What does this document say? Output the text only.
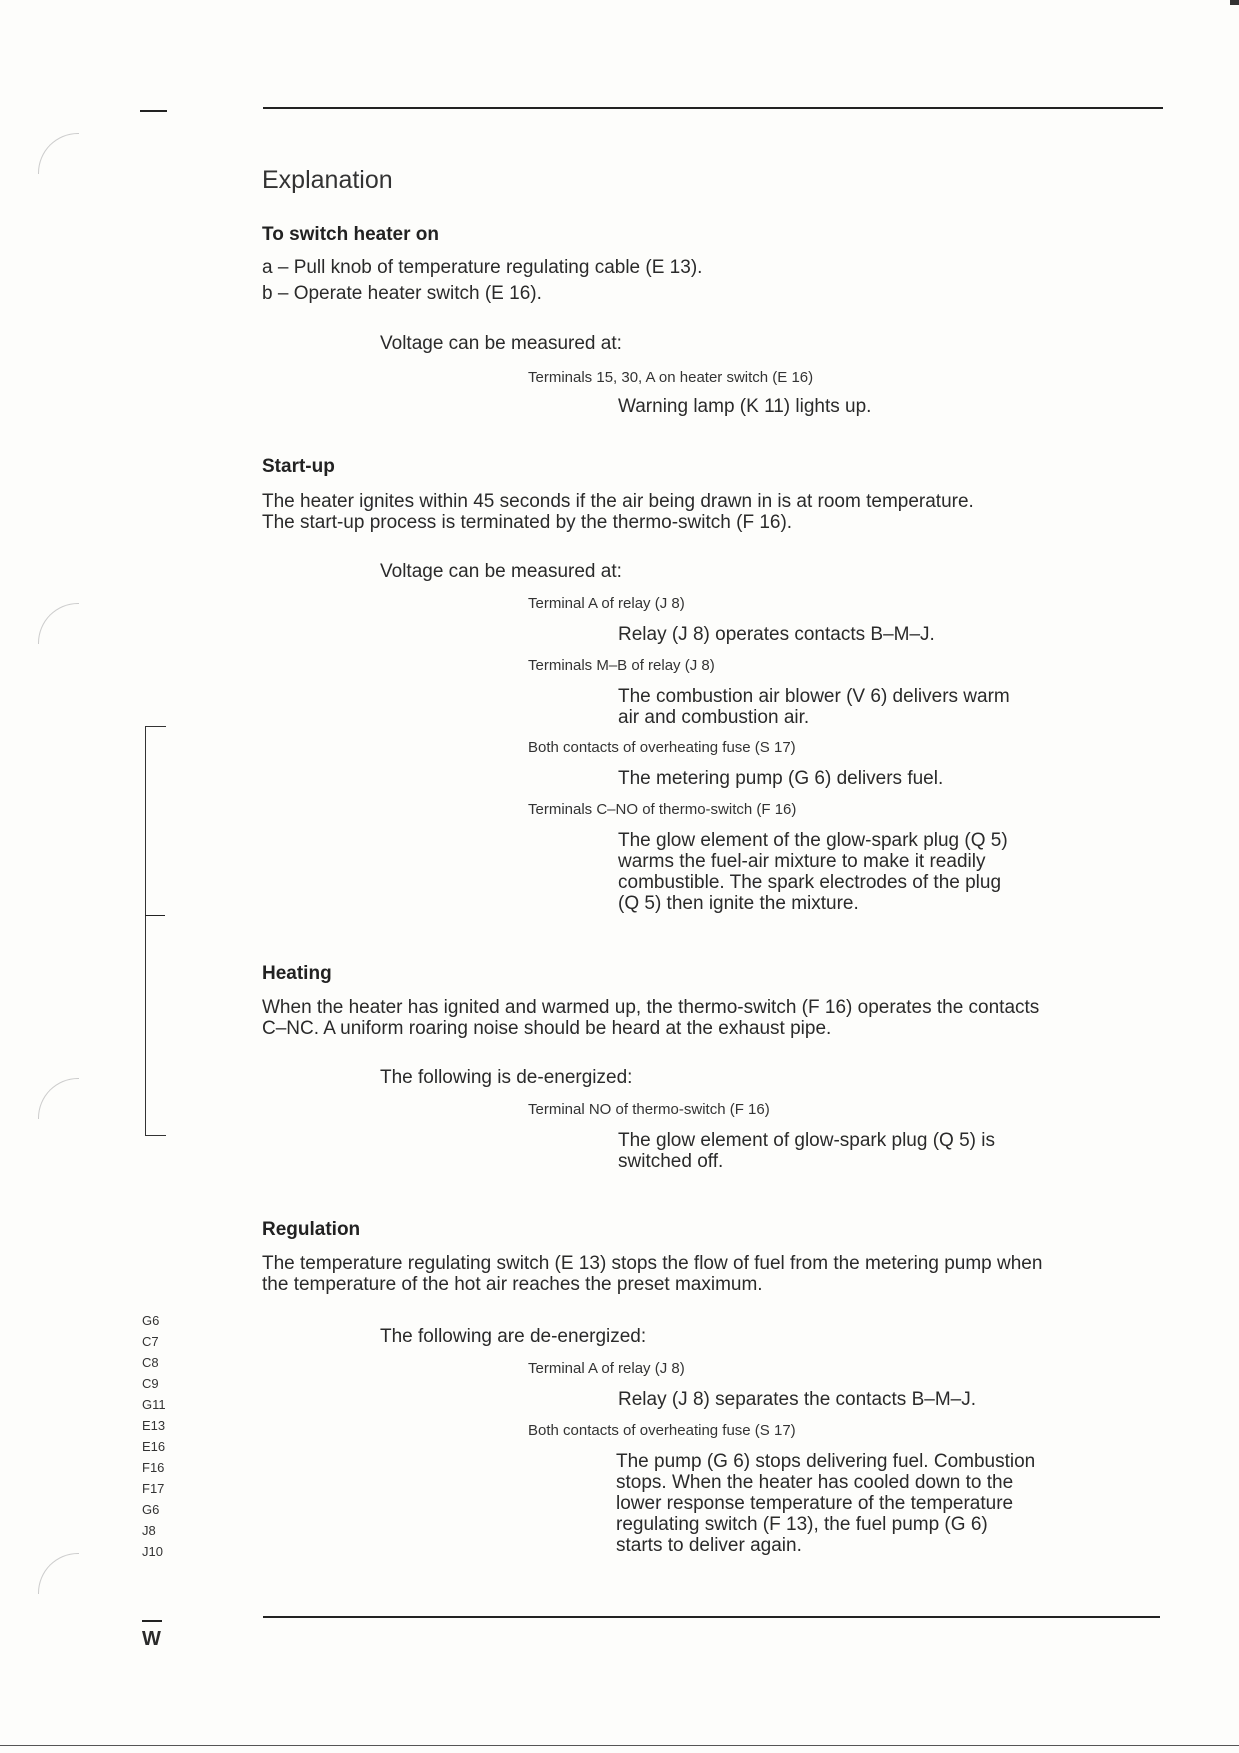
Explanation
To switch heater on
a – Pull knob of temperature regulating cable (E 13).
b – Operate heater switch (E 16).
Voltage can be measured at:
Terminals 15, 30, A on heater switch (E 16)
Warning lamp (K 11) lights up.
Start-up
The heater ignites within 45 seconds if the air being drawn in is at room temperature.
The start-up process is terminated by the thermo-switch (F 16).
Voltage can be measured at:
Terminal A of relay (J 8)
Relay (J 8) operates contacts B–M–J.
Terminals M–B of relay (J 8)
The combustion air blower (V 6) delivers warm
air and combustion air.
Both contacts of overheating fuse (S 17)
The metering pump (G 6) delivers fuel.
Terminals C–NO of thermo-switch (F 16)
The glow element of the glow-spark plug (Q 5)
warms the fuel-air mixture to make it readily
combustible. The spark electrodes of the plug
(Q 5) then ignite the mixture.
Heating
When the heater has ignited and warmed up, the thermo-switch (F 16) operates the contacts
C–NC. A uniform roaring noise should be heard at the exhaust pipe.
The following is de-energized:
Terminal NO of thermo-switch (F 16)
The glow element of glow-spark plug (Q 5) is
switched off.
Regulation
The temperature regulating switch (E 13) stops the flow of fuel from the metering pump when
the temperature of the hot air reaches the preset maximum.
The following are de-energized:
Terminal A of relay (J 8)
Relay (J 8) separates the contacts B–M–J.
Both contacts of overheating fuse (S 17)
The pump (G 6) stops delivering fuel. Combustion
stops. When the heater has cooled down to the
lower response temperature of the temperature
regulating switch (F 13), the fuel pump (G 6)
starts to deliver again.
G6
C7
C8
C9
G11
E13
E16
F16
F17
G6
J8
J10
W
